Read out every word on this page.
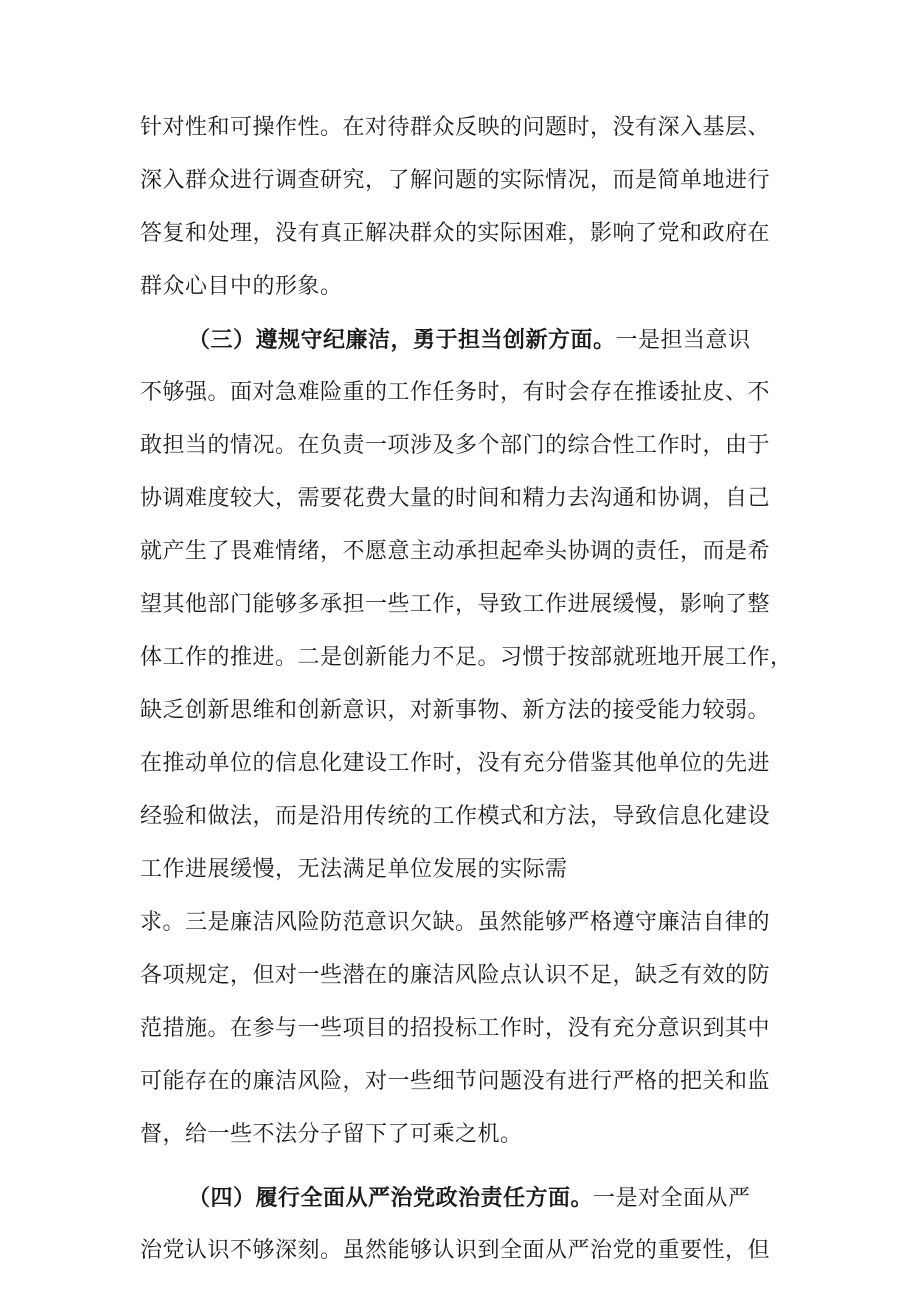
针对性和可操作性。在对待群众反映的问题时，没有深入基层、
深入群众进行调查研究，了解问题的实际情况，而是简单地进行
答复和处理，没有真正解决群众的实际困难，影响了党和政府在
群众心目中的形象。
（三）遵规守纪廉洁，勇于担当创新方面。一是担当意识
不够强。面对急难险重的工作任务时，有时会存在推诿扯皮、不
敢担当的情况。在负责一项涉及多个部门的综合性工作时，由于
协调难度较大，需要花费大量的时间和精力去沟通和协调，自己
就产生了畏难情绪，不愿意主动承担起牵头协调的责任，而是希
望其他部门能够多承担一些工作，导致工作进展缓慢，影响了整
体工作的推进。二是创新能力不足。习惯于按部就班地开展工作，
缺乏创新思维和创新意识，对新事物、新方法的接受能力较弱。
在推动单位的信息化建设工作时，没有充分借鉴其他单位的先进
经验和做法，而是沿用传统的工作模式和方法，导致信息化建设
工作进展缓慢，无法满足单位发展的实际需
求。三是廉洁风险防范意识欠缺。虽然能够严格遵守廉洁自律的
各项规定，但对一些潜在的廉洁风险点认识不足，缺乏有效的防
范措施。在参与一些项目的招投标工作时，没有充分意识到其中
可能存在的廉洁风险，对一些细节问题没有进行严格的把关和监
督，给一些不法分子留下了可乘之机。
（四）履行全面从严治党政治责任方面。一是对全面从严
治党认识不够深刻。虽然能够认识到全面从严治党的重要性，但
